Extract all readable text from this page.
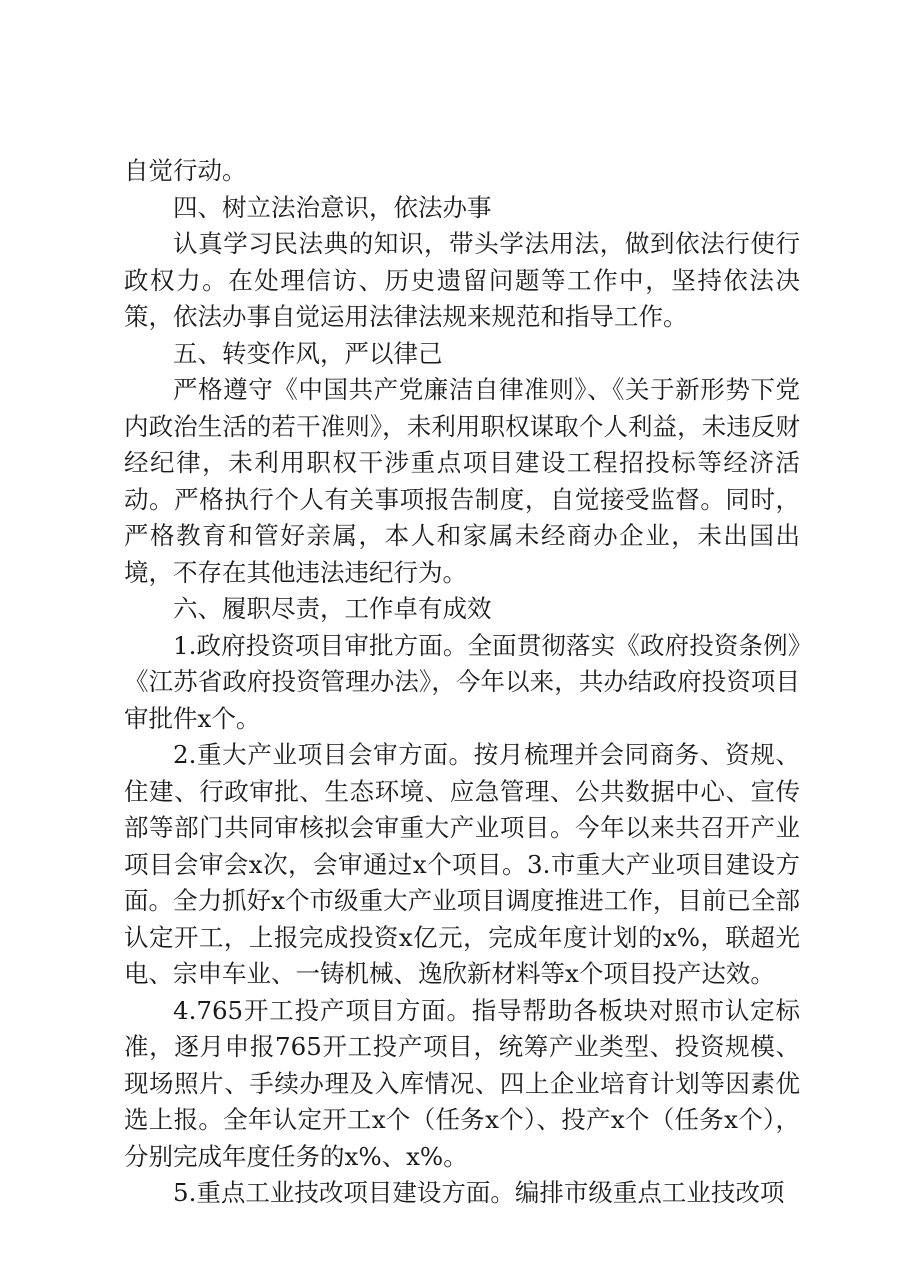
自觉行动。

四、树立法治意识，依法办事

认真学习民法典的知识，带头学法用法，做到依法行使行政权力。在处理信访、历史遗留问题等工作中，坚持依法决策，依法办事自觉运用法律法规来规范和指导工作。

五、转变作风，严以律己

严格遵守《中国共产党廉洁自律准则》、《关于新形势下党内政治生活的若干准则》，未利用职权谋取个人利益，未违反财经纪律，未利用职权干涉重点项目建设工程招投标等经济活动。严格执行个人有关事项报告制度，自觉接受监督。同时，严格教育和管好亲属，本人和家属未经商办企业，未出国出境，不存在其他违法违纪行为。

六、履职尽责，工作卓有成效

1.政府投资项目审批方面。全面贯彻落实《政府投资条例》《江苏省政府投资管理办法》，今年以来，共办结政府投资项目审批件x个。

2.重大产业项目会审方面。按月梳理并会同商务、资规、住建、行政审批、生态环境、应急管理、公共数据中心、宣传部等部门共同审核拟会审重大产业项目。今年以来共召开产业项目会审会x次，会审通过x个项目。3.市重大产业项目建设方面。全力抓好x个市级重大产业项目调度推进工作，目前已全部认定开工，上报完成投资x亿元，完成年度计划的x%，联超光电、宗申车业、一铸机械、逸欣新材料等x个项目投产达效。

4.765开工投产项目方面。指导帮助各板块对照市认定标准，逐月申报765开工投产项目，统筹产业类型、投资规模、现场照片、手续办理及入库情况、四上企业培育计划等因素优选上报。全年认定开工x个（任务x个）、投产x个（任务x个），分别完成年度任务的x%、x%。

5.重点工业技改项目建设方面。编排市级重点工业技改项
